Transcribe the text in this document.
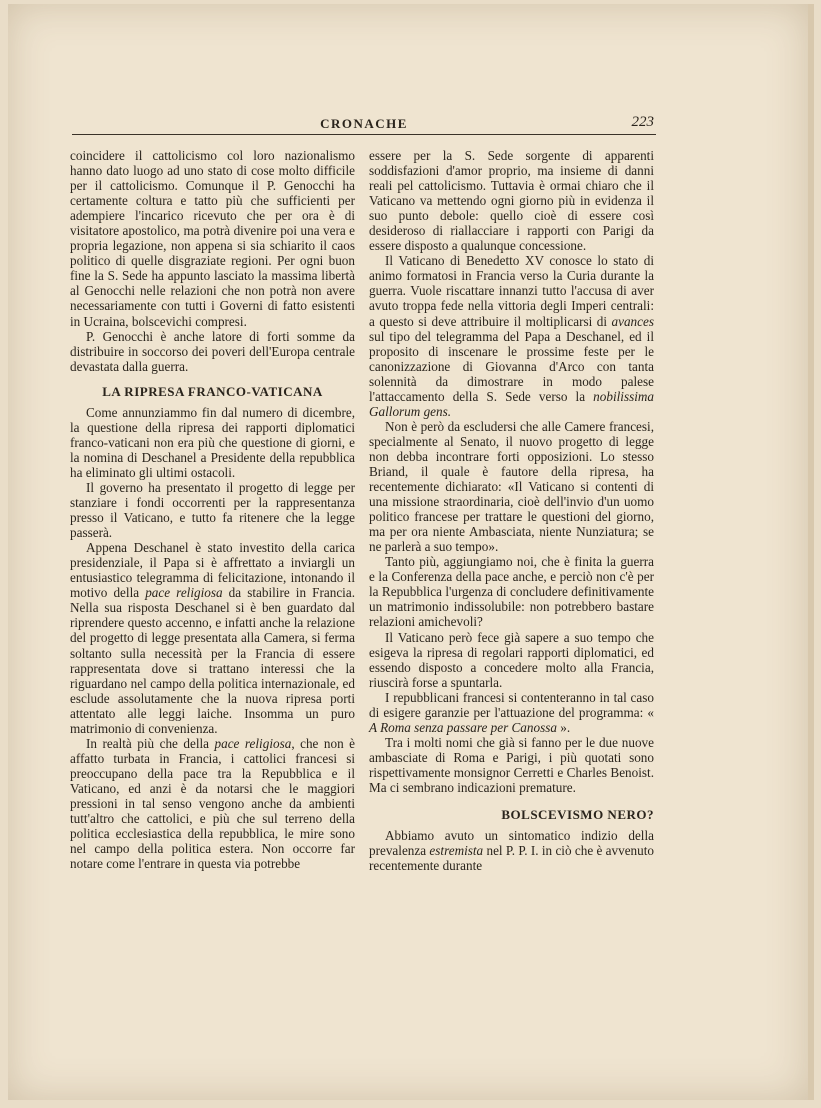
CRONACHE	223

coincidere il cattolicismo col loro nazionalismo hanno dato luogo ad uno stato di cose molto difficile per il cattolicismo. Comunque il P. Genocchi ha certamente coltura e tatto più che sufficienti per adempiere l'incarico ricevuto che per ora è di visitatore apostolico, ma potrà divenire poi una vera e propria legazione, non appena si sia schiarito il caos politico di quelle disgraziate regioni. Per ogni buon fine la S. Sede ha appunto lasciato la massima libertà al Genocchi nelle relazioni che non potrà non avere necessariamente con tutti i Governi di fatto esistenti in Ucraina, bolscevichi compresi.

P. Genocchi è anche latore di forti somme da distribuire in soccorso dei poveri dell'Europa centrale devastata dalla guerra.

LA RIPRESA FRANCO-VATICANA

Come annunziammo fin dal numero di dicembre, la questione della ripresa dei rapporti diplomatici franco-vaticani non era più che questione di giorni, e la nomina di Deschanel a Presidente della repubblica ha eliminato gli ultimi ostacoli.

Il governo ha presentato il progetto di legge per stanziare i fondi occorrenti per la rappresentanza presso il Vaticano, e tutto fa ritenere che la legge passerà.

Appena Deschanel è stato investito della carica presidenziale, il Papa si è affrettato a inviargli un entusiastico telegramma di felicitazione, intonando il motivo della pace religiosa da stabilire in Francia. Nella sua risposta Deschanel si è ben guardato dal riprendere questo accenno, e infatti anche la relazione del progetto di legge presentata alla Camera, si ferma soltanto sulla necessità per la Francia di essere rappresentata dove si trattano interessi che la riguardano nel campo della politica internazionale, ed esclude assolutamente che la nuova ripresa porti attentato alle leggi laiche. Insomma un puro matrimonio di convenienza.

In realtà più che della pace religiosa, che non è affatto turbata in Francia, i cattolici francesi si preoccupano della pace tra la Repubblica e il Vaticano, ed anzi è da notarsi che le maggiori pressioni in tal senso vengono anche da ambienti tutt'altro che cattolici, e più che sul terreno della politica ecclesiastica della repubblica, le mire sono nel campo della politica estera. Non occorre far notare come l'entrare in questa via potrebbe

essere per la S. Sede sorgente di apparenti soddisfazioni d'amor proprio, ma insieme di danni reali pel cattolicismo. Tuttavia è ormai chiaro che il Vaticano va mettendo ogni giorno più in evidenza il suo punto debole: quello cioè di essere così desideroso di riallacciare i rapporti con Parigi da essere disposto a qualunque concessione.

Il Vaticano di Benedetto XV conosce lo stato di animo formatosi in Francia verso la Curia durante la guerra. Vuole riscattare innanzi tutto l'accusa di aver avuto troppa fede nella vittoria degli Imperi centrali: a questo si deve attribuire il moltiplicarsi di avances sul tipo del telegramma del Papa a Deschanel, ed il proposito di inscenare le prossime feste per le canonizzazione di Giovanna d'Arco con tanta solennità da dimostrare in modo palese l'attaccamento della S. Sede verso la nobilissima Gallorum gens.

Non è però da escludersi che alle Camere francesi, specialmente al Senato, il nuovo progetto di legge non debba incontrare forti opposizioni. Lo stesso Briand, il quale è fautore della ripresa, ha recentemente dichiarato: «Il Vaticano si contenti di una missione straordinaria, cioè dell'invio d'un uomo politico francese per trattare le questioni del giorno, ma per ora niente Ambasciata, niente Nunziatura; se ne parlerà a suo tempo».

Tanto più, aggiungiamo noi, che è finita la guerra e la Conferenza della pace anche, e perciò non c'è per la Repubblica l'urgenza di concludere definitivamente un matrimonio indissolubile: non potrebbero bastare relazioni amichevoli?

Il Vaticano però fece già sapere a suo tempo che esigeva la ripresa di regolari rapporti diplomatici, ed essendo disposto a concedere molto alla Francia, riuscirà forse a spuntarla.

I repubblicani francesi si contenteranno in tal caso di esigere garanzie per l'attuazione del programma: « A Roma senza passare per Canossa ».

Tra i molti nomi che già si fanno per le due nuove ambasciate di Roma e Parigi, i più quotati sono rispettivamente monsignor Cerretti e Charles Benoist. Ma ci sembrano indicazioni premature.

BOLSCEVISMO NERO?

Abbiamo avuto un sintomatico indizio della prevalenza estremista nel P. P. I. in ciò che è avvenuto recentemente durante
